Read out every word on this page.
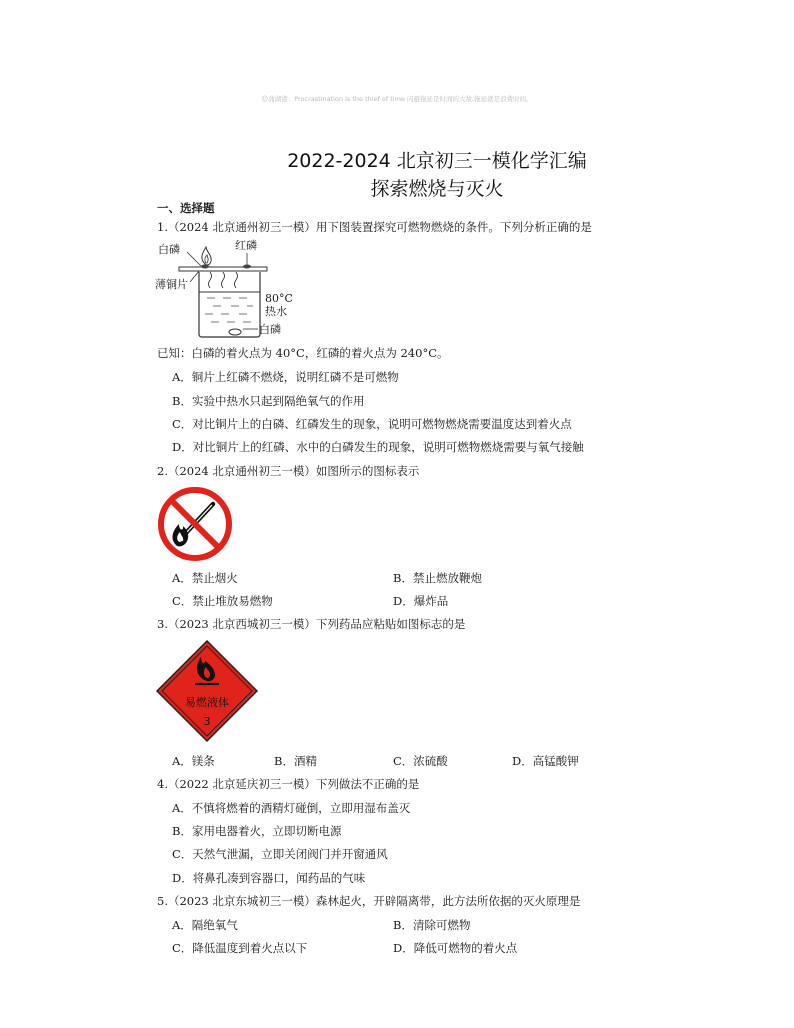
☺蒲湖港：Procrastination is the thief of time 闪避拖延是时间的大敌,拖延就是浪费时间。
2022-2024 北京初三一模化学汇编
探索燃烧与灭火
一、选择题
1.（2024 北京通州初三一模）用下图装置探究可燃物燃烧的条件。下列分析正确的是
白磷	红磷
薄铜片
80°C
热水
白磷
已知：白磷的着火点为 40°C，红磷的着火点为 240°C。
A．铜片上红磷不燃烧，说明红磷不是可燃物
B．实验中热水只起到隔绝氧气的作用
C．对比铜片上的白磷、红磷发生的现象，说明可燃物燃烧需要温度达到着火点
D．对比铜片上的红磷、水中的白磷发生的现象，说明可燃物燃烧需要与氧气接触
2.（2024 北京通州初三一模）如图所示的图标表示
A．禁止烟火	B．禁止燃放鞭炮
C．禁止堆放易燃物	D．爆炸品
3.（2023 北京西城初三一模）下列药品应粘贴如图标志的是
易燃液体
3
A．镁条	B．酒精	C．浓硫酸	D．高锰酸钾
4.（2022 北京延庆初三一模）下列做法不正确的是
A．不慎将燃着的酒精灯碰倒，立即用湿布盖灭
B．家用电器着火，立即切断电源
C．天然气泄漏，立即关闭阀门并开窗通风
D．将鼻孔凑到容器口，闻药品的气味
5.（2023 北京东城初三一模）森林起火，开辟隔离带，此方法所依据的灭火原理是
A．隔绝氧气	B．清除可燃物
C．降低温度到着火点以下	D．降低可燃物的着火点
